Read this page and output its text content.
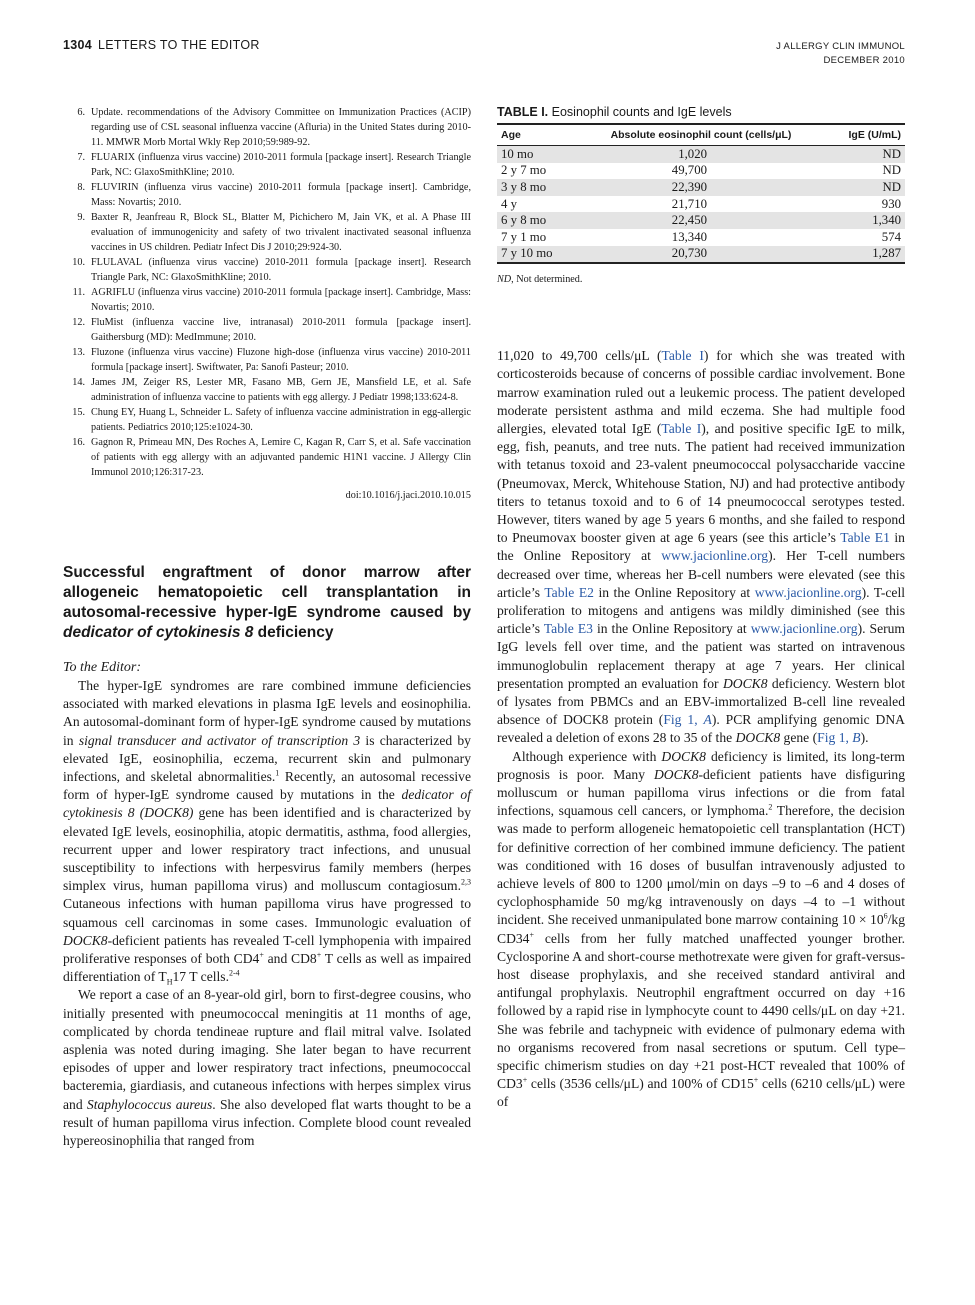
1304 LETTERS TO THE EDITOR	J ALLERGY CLIN IMMUNOL
DECEMBER 2010
6. Update. recommendations of the Advisory Committee on Immunization Practices (ACIP) regarding use of CSL seasonal influenza vaccine (Afluria) in the United States during 2010-11. MMWR Morb Mortal Wkly Rep 2010;59:989-92.
7. FLUARIX (influenza virus vaccine) 2010-2011 formula [package insert]. Research Triangle Park, NC: GlaxoSmithKline; 2010.
8. FLUVIRIN (influenza virus vaccine) 2010-2011 formula [package insert]. Cambridge, Mass: Novartis; 2010.
9. Baxter R, Jeanfreau R, Block SL, Blatter M, Pichichero M, Jain VK, et al. A Phase III evaluation of immunogenicity and safety of two trivalent inactivated seasonal influenza vaccines in US children. Pediatr Infect Dis J 2010;29:924-30.
10. FLULAVAL (influenza virus vaccine) 2010-2011 formula [package insert]. Research Triangle Park, NC: GlaxoSmithKline; 2010.
11. AGRIFLU (influenza virus vaccine) 2010-2011 formula [package insert]. Cambridge, Mass: Novartis; 2010.
12. FluMist (influenza vaccine live, intranasal) 2010-2011 formula [package insert]. Gaithersburg (MD): MedImmune; 2010.
13. Fluzone (influenza virus vaccine) Fluzone high-dose (influenza virus vaccine) 2010-2011 formula [package insert]. Swiftwater, Pa: Sanofi Pasteur; 2010.
14. James JM, Zeiger RS, Lester MR, Fasano MB, Gern JE, Mansfield LE, et al. Safe administration of influenza vaccine to patients with egg allergy. J Pediatr 1998;133:624-8.
15. Chung EY, Huang L, Schneider L. Safety of influenza vaccine administration in egg-allergic patients. Pediatrics 2010;125:e1024-30.
16. Gagnon R, Primeau MN, Des Roches A, Lemire C, Kagan R, Carr S, et al. Safe vaccination of patients with egg allergy with an adjuvanted pandemic H1N1 vaccine. J Allergy Clin Immunol 2010;126:317-23.
doi:10.1016/j.jaci.2010.10.015
Successful engraftment of donor marrow after allogeneic hematopoietic cell transplantation in autosomal-recessive hyper-IgE syndrome caused by dedicator of cytokinesis 8 deficiency
To the Editor:

The hyper-IgE syndromes are rare combined immune deficiencies associated with marked elevations in plasma IgE levels and eosinophilia. An autosomal-dominant form of hyper-IgE syndrome caused by mutations in signal transducer and activator of transcription 3 is characterized by elevated IgE, eosinophilia, eczema, recurrent skin and pulmonary infections, and skeletal abnormalities.$^1$ Recently, an autosomal recessive form of hyper-IgE syndrome caused by mutations in the dedicator of cytokinesis 8 (DOCK8) gene has been identified and is characterized by elevated IgE levels, eosinophilia, atopic dermatitis, asthma, food allergies, recurrent upper and lower respiratory tract infections, and unusual susceptibility to infections with herpesvirus family members (herpes simplex virus, human papilloma virus) and molluscum contagiosum.$^{2,3}$ Cutaneous infections with human papilloma virus have progressed to squamous cell carcinomas in some cases. Immunologic evaluation of DOCK8-deficient patients has revealed T-cell lymphopenia with impaired proliferative responses of both CD4+ and CD8+ T cells as well as impaired differentiation of $T_H17$ T cells.$^{2-4}$

We report a case of an 8-year-old girl, born to first-degree cousins, who initially presented with pneumococcal meningitis at 11 months of age, complicated by chorda tendineae rupture and flail mitral valve. Isolated asplenia was noted during imaging. She later began to have recurrent episodes of upper and lower respiratory tract infections, pneumococcal bacteremia, giardiasis, and cutaneous infections with herpes simplex virus and Staphylococcus aureus. She also developed flat warts thought to be a result of human papilloma virus infection. Complete blood count revealed hypereosinophilia that ranged from

TABLE I. Eosinophil counts and IgE levels
Age	Absolute eosinophil count (cells/μL)	IgE (U/mL)
10 mo	1,020	ND
2 y 7 mo	49,700	ND
3 y 8 mo	22,390	ND
4 y	21,710	930
6 y 8 mo	22,450	1,340
7 y 1 mo	13,340	574
7 y 10 mo	20,730	1,287
ND, Not determined.

11,020 to 49,700 cells/μL (Table I) for which she was treated with corticosteroids because of concerns of possible cardiac involvement. Bone marrow examination ruled out a leukemic process. The patient developed moderate persistent asthma and mild eczema. She had multiple food allergies, elevated total IgE (Table I), and positive specific IgE to milk, egg, fish, peanuts, and tree nuts. The patient had received immunization with tetanus toxoid and 23-valent pneumococcal polysaccharide vaccine (Pneumovax, Merck, Whitehouse Station, NJ) and had protective antibody titers to tetanus toxoid and to 6 of 14 pneumococcal serotypes tested. However, titers waned by age 5 years 6 months, and she failed to respond to Pneumovax booster given at age 6 years (see this article’s Table E1 in the Online Repository at www.jacionline.org). Her T-cell numbers decreased over time, whereas her B-cell numbers were elevated (see this article’s Table E2 in the Online Repository at www.jacionline.org). T-cell proliferation to mitogens and antigens was mildly diminished (see this article’s Table E3 in the Online Repository at www.jacionline.org). Serum IgG levels fell over time, and the patient was started on intravenous immunoglobulin replacement therapy at age 7 years. Her clinical presentation prompted an evaluation for DOCK8 deficiency. Western blot of lysates from PBMCs and an EBV-immortalized B-cell line revealed absence of DOCK8 protein (Fig 1, A). PCR amplifying genomic DNA revealed a deletion of exons 28 to 35 of the DOCK8 gene (Fig 1, B).

Although experience with DOCK8 deficiency is limited, its long-term prognosis is poor. Many DOCK8-deficient patients have disfiguring molluscum or human papilloma virus infections or die from fatal infections, squamous cell cancers, or lymphoma.$^2$ Therefore, the decision was made to perform allogeneic hematopoietic cell transplantation (HCT) for definitive correction of her combined immune deficiency. The patient was conditioned with 16 doses of busulfan intravenously adjusted to achieve levels of 800 to 1200 μmol/min on days –9 to –6 and 4 doses of cyclophosphamide 50 mg/kg intravenously on days –4 to –1 without incident. She received unmanipulated bone marrow containing $10 \times 10^6/kg$ CD34+ cells from her fully matched unaffected younger brother. Cyclosporine A and short-course methotrexate were given for graft-versus-host disease prophylaxis, and she received standard antiviral and antifungal prophylaxis. Neutrophil engraftment occurred on day +16 followed by a rapid rise in lymphocyte count to 4490 cells/μL on day +21. She was febrile and tachypneic with evidence of pulmonary edema with no organisms recovered from nasal secretions or sputum. Cell type–specific chimerism studies on day +21 post-HCT revealed that 100% of CD3+ cells (3536 cells/μL) and 100% of CD15+ cells (6210 cells/μL) were of
